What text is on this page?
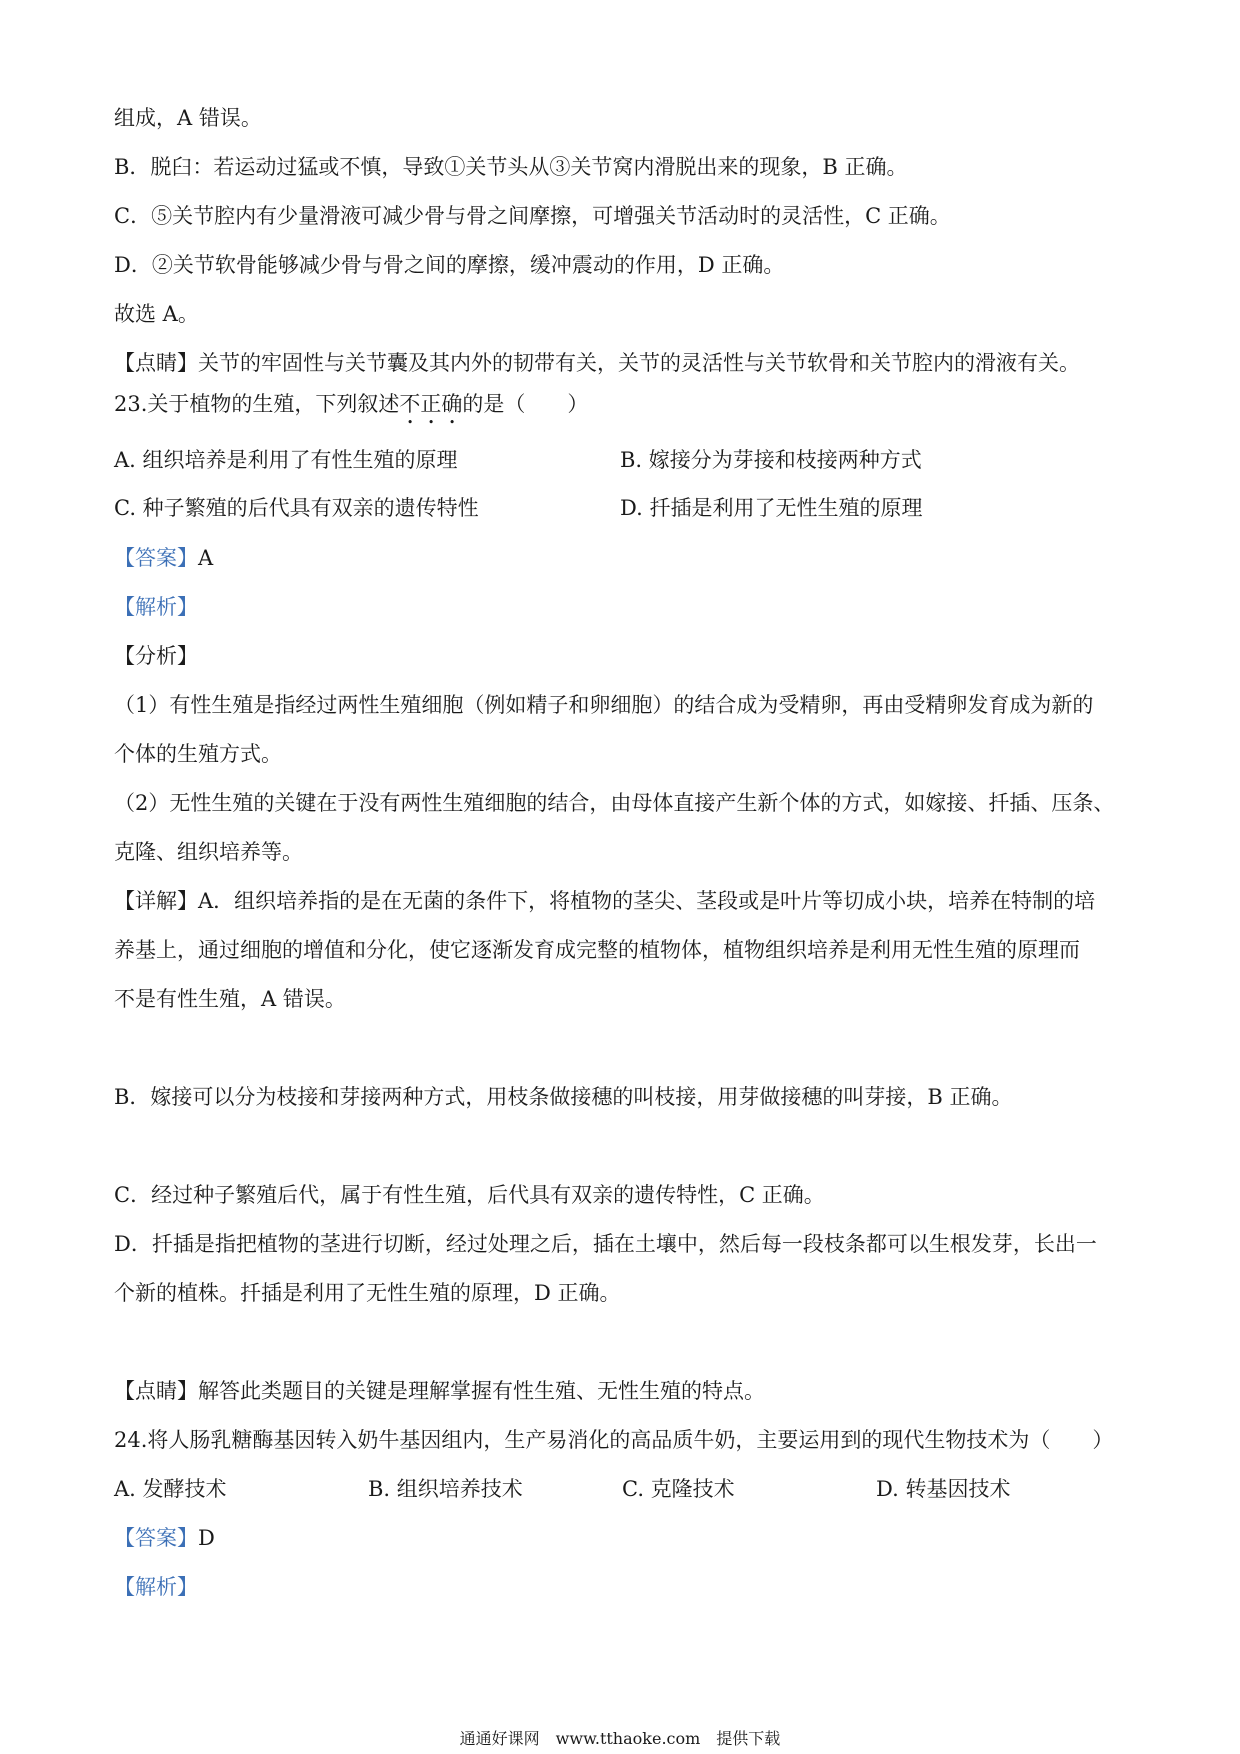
组成，A 错误。
B．脱臼：若运动过猛或不慎，导致①关节头从③关节窝内滑脱出来的现象，B 正确。
C．⑤关节腔内有少量滑液可减少骨与骨之间摩擦，可增强关节活动时的灵活性，C 正确。
D．②关节软骨能够减少骨与骨之间的摩擦，缓冲震动的作用，D 正确。
故选 A。
【点睛】关节的牢固性与关节囊及其内外的韧带有关，关节的灵活性与关节软骨和关节腔内的滑液有关。
23.关于植物的生殖，下列叙述不正确的是（　　）
A. 组织培养是利用了有性生殖的原理	B. 嫁接分为芽接和枝接两种方式
C. 种子繁殖的后代具有双亲的遗传特性	D. 扦插是利用了无性生殖的原理
【答案】A
【解析】
【分析】
（1）有性生殖是指经过两性生殖细胞（例如精子和卵细胞）的结合成为受精卵，再由受精卵发育成为新的
个体的生殖方式。
（2）无性生殖的关键在于没有两性生殖细胞的结合，由母体直接产生新个体的方式，如嫁接、扦插、压条、
克隆、组织培养等。
【详解】A．组织培养指的是在无菌的条件下，将植物的茎尖、茎段或是叶片等切成小块，培养在特制的培
养基上，通过细胞的增值和分化，使它逐渐发育成完整的植物体，植物组织培养是利用无性生殖的原理而
不是有性生殖，A 错误。
B．嫁接可以分为枝接和芽接两种方式，用枝条做接穗的叫枝接，用芽做接穗的叫芽接，B 正确。
C．经过种子繁殖后代，属于有性生殖，后代具有双亲的遗传特性，C 正确。
D．扦插是指把植物的茎进行切断，经过处理之后，插在土壤中，然后每一段枝条都可以生根发芽，长出一
个新的植株。扦插是利用了无性生殖的原理，D 正确。
【点睛】解答此类题目的关键是理解掌握有性生殖、无性生殖的特点。
24.将人肠乳糖酶基因转入奶牛基因组内，生产易消化的高品质牛奶，主要运用到的现代生物技术为（　　）
A. 发酵技术	B. 组织培养技术	C. 克隆技术	D. 转基因技术
【答案】D
【解析】
通通好课网　www.tthaoke.com　提供下载
